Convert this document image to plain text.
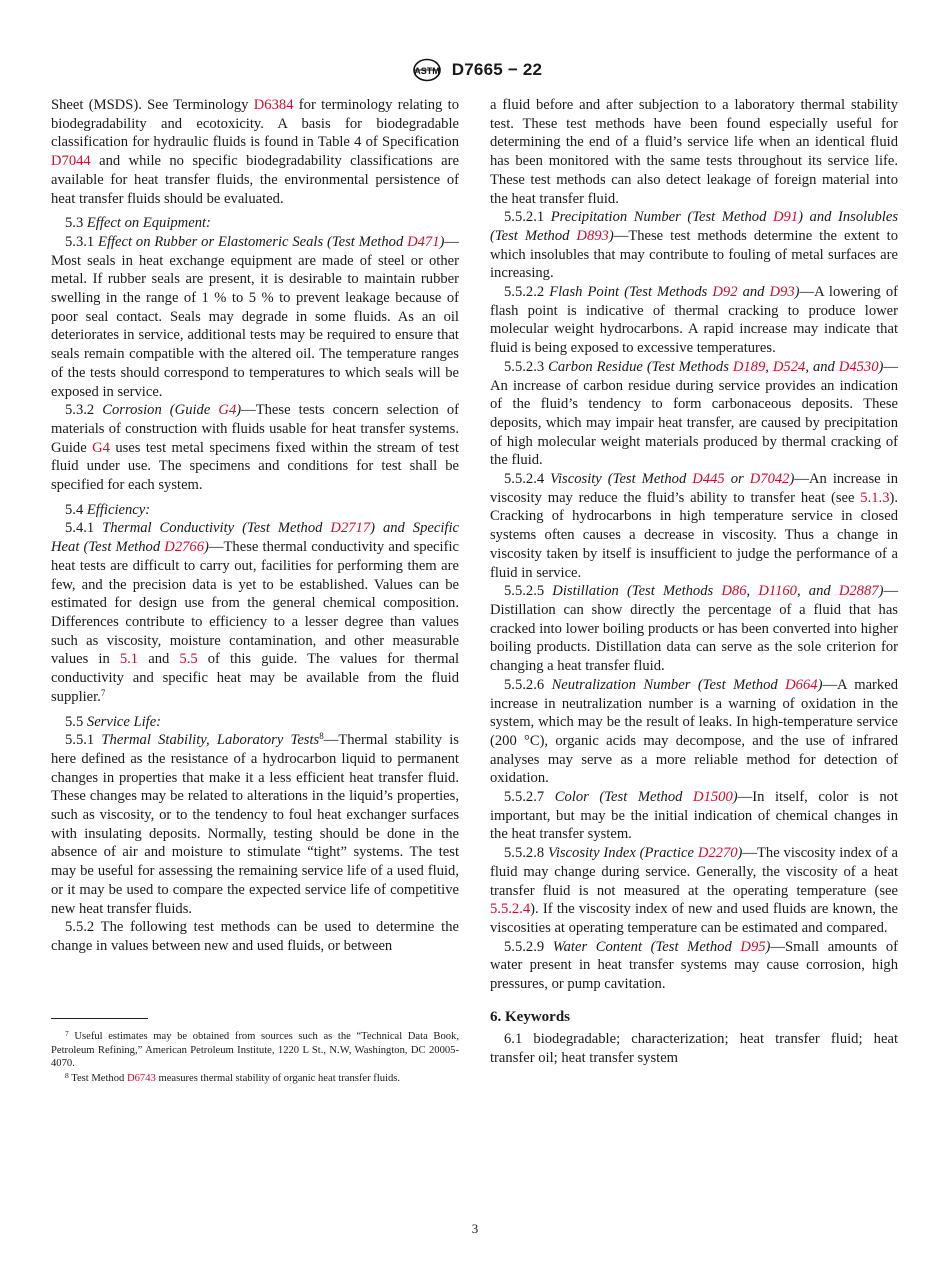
ASTM D7665 − 22

Sheet (MSDS). See Terminology D6384 for terminology relating to biodegradability and ecotoxicity. A basis for biodegradable classification for hydraulic fluids is found in Table 4 of Specification D7044 and while no specific biodegradability classifications are available for heat transfer fluids, the environmental persistence of heat transfer fluids should be evaluated.

5.3 Effect on Equipment:

5.3.1 Effect on Rubber or Elastomeric Seals (Test Method D471)—Most seals in heat exchange equipment are made of steel or other metal. If rubber seals are present, it is desirable to maintain rubber swelling in the range of 1 % to 5 % to prevent leakage because of poor seal contact. Seals may degrade in some fluids. As an oil deteriorates in service, additional tests may be required to ensure that seals remain compatible with the altered oil. The temperature ranges of the tests should correspond to temperatures to which seals will be exposed in service.

5.3.2 Corrosion (Guide G4)—These tests concern selection of materials of construction with fluids usable for heat transfer systems. Guide G4 uses test metal specimens fixed within the stream of test fluid under use. The specimens and conditions for test shall be specified for each system.

5.4 Efficiency:

5.4.1 Thermal Conductivity (Test Method D2717) and Specific Heat (Test Method D2766)—These thermal conductivity and specific heat tests are difficult to carry out, facilities for performing them are few, and the precision data is yet to be established. Values can be estimated for design use from the general chemical composition. Differences contribute to efficiency to a lesser degree than values such as viscosity, moisture contamination, and other measurable values in 5.1 and 5.5 of this guide. The values for thermal conductivity and specific heat may be available from the fluid supplier.$^7$

5.5 Service Life:

5.5.1 Thermal Stability, Laboratory Tests$^8$—Thermal stability is here defined as the resistance of a hydrocarbon liquid to permanent changes in properties that make it a less efficient heat transfer fluid. These changes may be related to alterations in the liquid’s properties, such as viscosity, or to the tendency to foul heat exchanger surfaces with insulating deposits. Normally, testing should be done in the absence of air and moisture to stimulate “tight” systems. The test may be useful for assessing the remaining service life of a used fluid, or it may be used to compare the expected service life of competitive new heat transfer fluids.

5.5.2 The following test methods can be used to determine the change in values between new and used fluids, or between

$^7$ Useful estimates may be obtained from sources such as the “Technical Data Book, Petroleum Refining,” American Petroleum Institute, 1220 L St., N.W, Washington, DC 20005-4070.

$^8$ Test Method D6743 measures thermal stability of organic heat transfer fluids.

a fluid before and after subjection to a laboratory thermal stability test. These test methods have been found especially useful for determining the end of a fluid’s service life when an identical fluid has been monitored with the same tests throughout its service life. These test methods can also detect leakage of foreign material into the heat transfer fluid.

5.5.2.1 Precipitation Number (Test Method D91) and Insolubles (Test Method D893)—These test methods determine the extent to which insolubles that may contribute to fouling of metal surfaces are increasing.

5.5.2.2 Flash Point (Test Methods D92 and D93)—A lowering of flash point is indicative of thermal cracking to produce lower molecular weight hydrocarbons. A rapid increase may indicate that fluid is being exposed to excessive temperatures.

5.5.2.3 Carbon Residue (Test Methods D189, D524, and D4530)—An increase of carbon residue during service provides an indication of the fluid’s tendency to form carbonaceous deposits. These deposits, which may impair heat transfer, are caused by precipitation of high molecular weight materials produced by thermal cracking of the fluid.

5.5.2.4 Viscosity (Test Method D445 or D7042)—An increase in viscosity may reduce the fluid’s ability to transfer heat (see 5.1.3). Cracking of hydrocarbons in high temperature service in closed systems often causes a decrease in viscosity. Thus a change in viscosity taken by itself is insufficient to judge the performance of a fluid in service.

5.5.2.5 Distillation (Test Methods D86, D1160, and D2887)—Distillation can show directly the percentage of a fluid that has cracked into lower boiling products or has been converted into higher boiling products. Distillation data can serve as the sole criterion for changing a heat transfer fluid.

5.5.2.6 Neutralization Number (Test Method D664)—A marked increase in neutralization number is a warning of oxidation in the system, which may be the result of leaks. In high-temperature service (200 °C), organic acids may decompose, and the use of infrared analyses may serve as a more reliable method for detection of oxidation.

5.5.2.7 Color (Test Method D1500)—In itself, color is not important, but may be the initial indication of chemical changes in the heat transfer system.

5.5.2.8 Viscosity Index (Practice D2270)—The viscosity index of a fluid may change during service. Generally, the viscosity of a heat transfer fluid is not measured at the operating temperature (see 5.5.2.4). If the viscosity index of new and used fluids are known, the viscosities at operating temperature can be estimated and compared.

5.5.2.9 Water Content (Test Method D95)—Small amounts of water present in heat transfer systems may cause corrosion, high pressures, or pump cavitation.

6. Keywords

6.1 biodegradable; characterization; heat transfer fluid; heat transfer oil; heat transfer system

3
